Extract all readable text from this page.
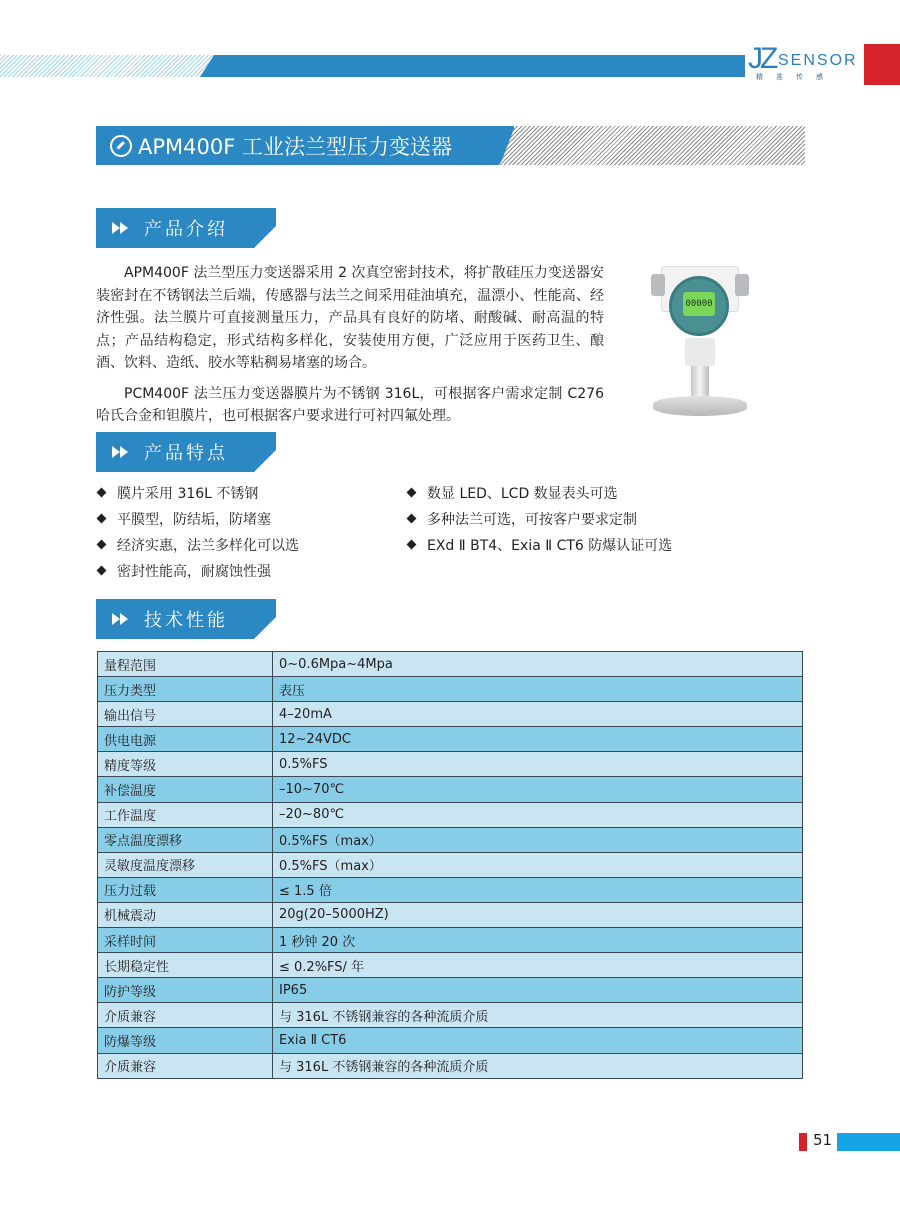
JZ SENSOR
精准传感
APM400F 工业法兰型压力变送器
产品介绍

APM400F 法兰型压力变送器采用 2 次真空密封技术，将扩散硅压力变送器安装密封在不锈钢法兰后端，传感器与法兰之间采用硅油填充，温漂小、性能高、经济性强。法兰膜片可直接测量压力，产品具有良好的防堵、耐酸碱、耐高温的特点；产品结构稳定，形式结构多样化，安装使用方便，广泛应用于医药卫生、酿酒、饮料、造纸、胶水等粘稠易堵塞的场合。

PCM400F 法兰压力变送器膜片为不锈钢 316L，可根据客户需求定制 C276 哈氏合金和钽膜片，也可根据客户要求进行可衬四氟处理。

00000
产品特点
膜片采用 316L 不锈钢
平膜型，防结垢，防堵塞
经济实惠，法兰多样化可以选
密封性能高，耐腐蚀性强
数显 LED、LCD 数显表头可选
多种法兰可选，可按客户要求定制
EXd Ⅱ BT4、Exia Ⅱ CT6 防爆认证可选
技术性能
量程范围	0~0.6Mpa~4Mpa
压力类型	表压
输出信号	4–20mA
供电电源	12~24VDC
精度等级	0.5%FS
补偿温度	–10~70℃
工作温度	–20~80℃
零点温度漂移	0.5%FS（max）
灵敏度温度漂移	0.5%FS（max）
压力过载	≤ 1.5 倍
机械震动	20g(20–5000HZ)
采样时间	1 秒钟 20 次
长期稳定性	≤ 0.2%FS/ 年
防护等级	IP65
介质兼容	与 316L 不锈钢兼容的各种流质介质
防爆等级	Exia Ⅱ CT6
介质兼容	与 316L 不锈钢兼容的各种流质介质
51
